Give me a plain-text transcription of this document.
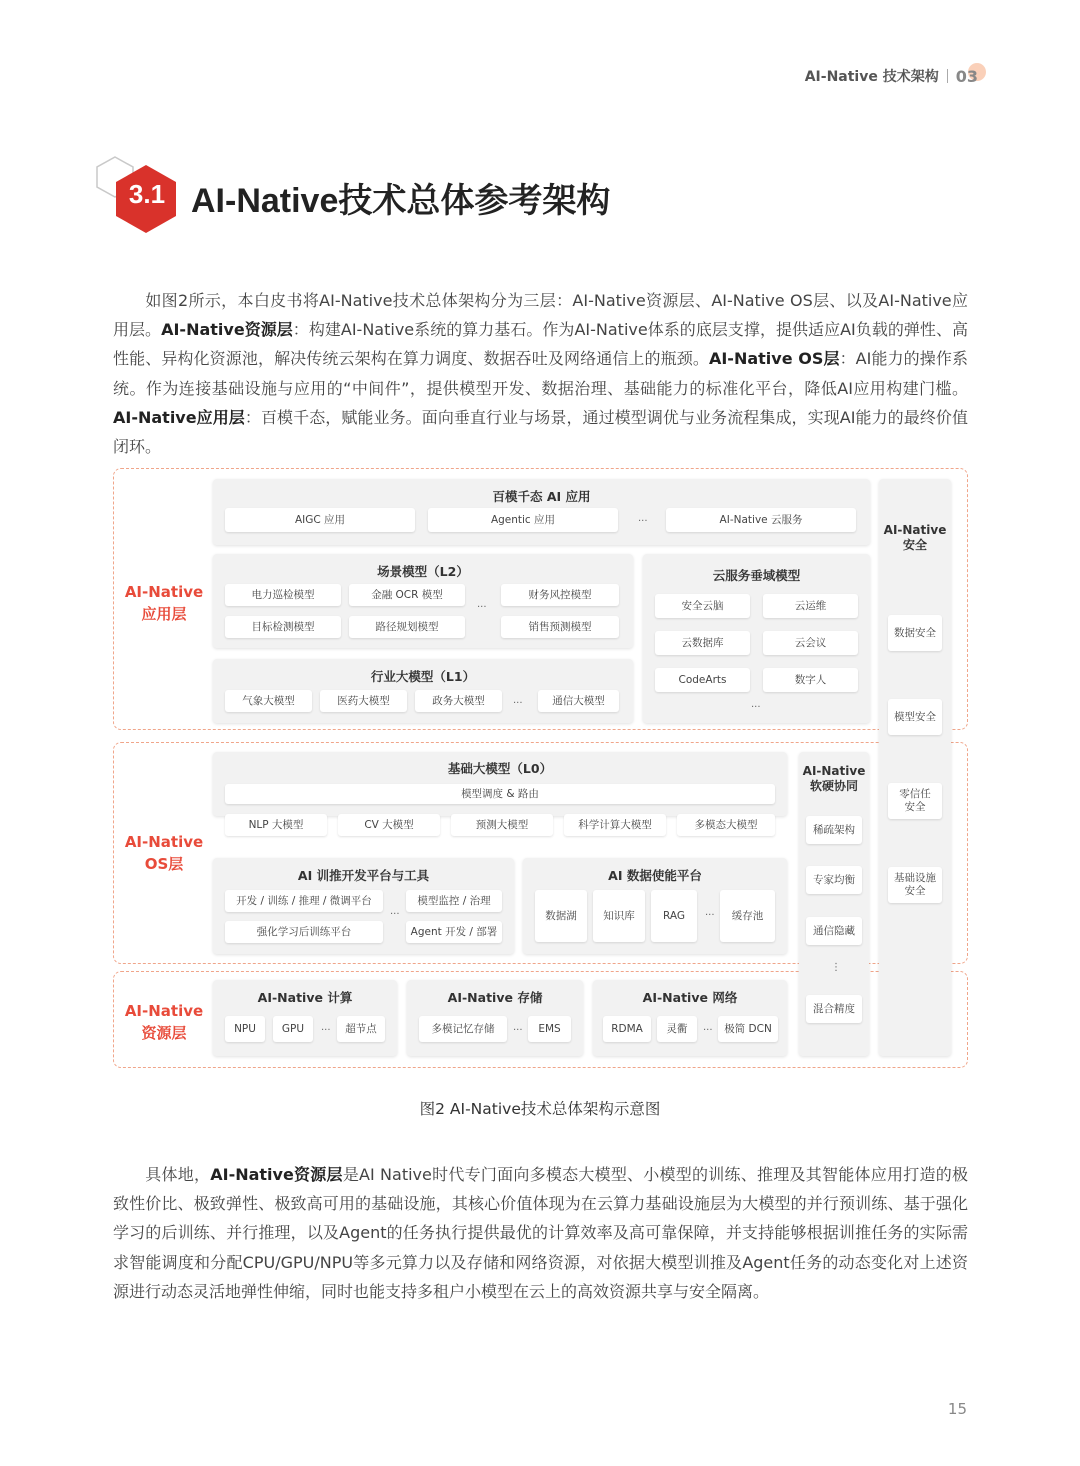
AI-Native 技术架构 03
3.1 AI-Native技术总体参考架构
如图2所示，本白皮书将AI-Native技术总体架构分为三层：AI-Native资源层、AI-Native OS层、以及AI-Native应用层。AI-Native资源层：构建AI-Native系统的算力基石。作为AI-Native体系的底层支撑，提供适应AI负载的弹性、高性能、异构化资源池，解决传统云架构在算力调度、数据吞吐及网络通信上的瓶颈。AI-Native OS层：AI能力的操作系统。作为连接基础设施与应用的“中间件”，提供模型开发、数据治理、基础能力的标准化平台，降低AI应用构建门槛。AI-Native应用层：百模千态，赋能业务。面向垂直行业与场景，通过模型调优与业务流程集成，实现AI能力的最终价值闭环。
AI-Native
应用层
AI-Native
OS层
AI-Native
资源层
百模千态 AI 应用
AIGC 应用	Agentic 应用	...	AI-Native 云服务
场景模型（L2）
电力巡检模型	金融 OCR 模型
...
财务风控模型
目标检测模型	路径规划模型	销售预测模型
行业大模型（L1）
气象大模型	医药大模型	政务大模型	...	通信大模型
云服务垂域模型
安全云脑	云运维
云数据库	云会议
CodeArts	数字人
...
基础大模型（L0）
模型调度 & 路由
NLP 大模型	CV 大模型	预测大模型	科学计算大模型	多模态大模型
AI 训推开发平台与工具
开发 / 训练 / 推理 / 微调平台	模型监控 / 治理
...
强化学习后训练平台	Agent 开发 / 部署
AI 数据使能平台
数据湖	知识库	RAG	...	缓存池
AI-Native 计算
NPU	GPU	...	超节点
AI-Native 存储
多模记忆存储	...	EMS
AI-Native 网络
RDMA	灵衢	...	极简 DCN
AI-Native
软硬协同
稀疏架构
专家均衡
通信隐藏
⋮
混合精度
AI-Native
安全
数据安全
模型安全
零信任
安全
基础设施
安全
图2 AI-Native技术总体架构示意图
具体地，AI-Native资源层是AI Native时代专门面向多模态大模型、小模型的训练、推理及其智能体应用打造的极致性价比、极致弹性、极致高可用的基础设施，其核心价值体现为在云算力基础设施层为大模型的并行预训练、基于强化学习的后训练、并行推理，以及Agent的任务执行提供最优的计算效率及高可靠保障，并支持能够根据训推任务的实际需求智能调度和分配CPU/GPU/NPU等多元算力以及存储和网络资源，对依据大模型训推及Agent任务的动态变化对上述资源进行动态灵活地弹性伸缩，同时也能支持多租户小模型在云上的高效资源共享与安全隔离。
15
